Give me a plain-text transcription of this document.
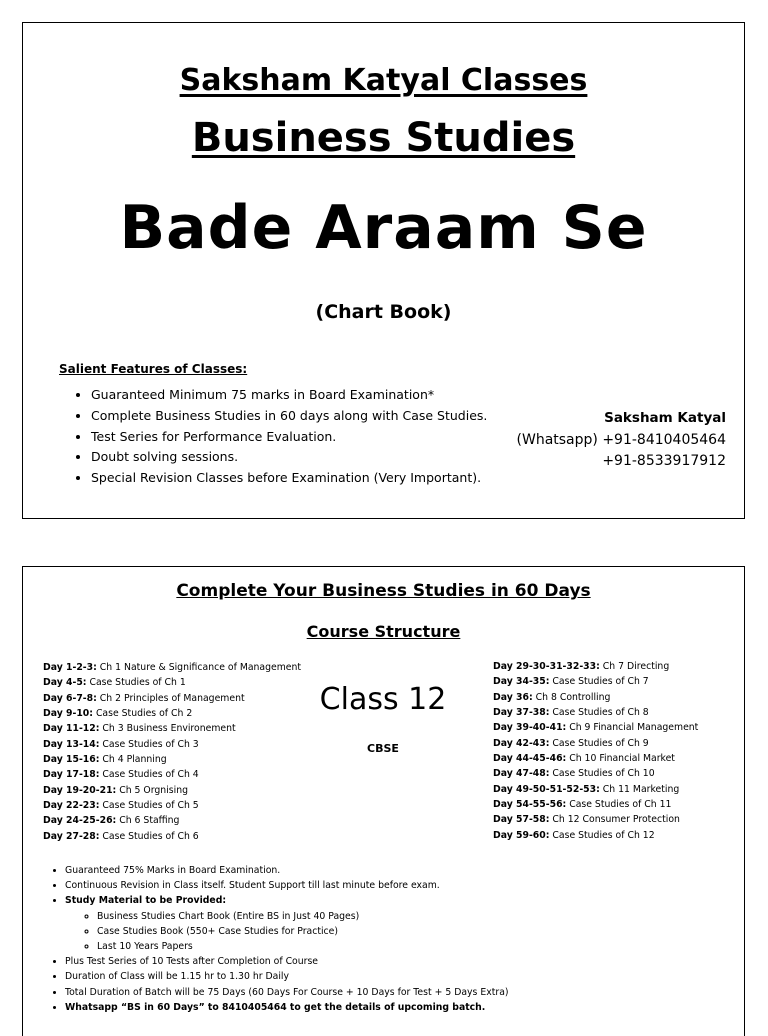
Saksham Katyal Classes
Business Studies
Bade Araam Se
(Chart Book)
Salient Features of Classes:
• Guaranteed Minimum 75 marks in Board Examination*
• Complete Business Studies in 60 days along with Case Studies.
• Test Series for Performance Evaluation.
• Doubt solving sessions.
• Special Revision Classes before Examination (Very Important).
Saksham Katyal
(Whatsapp) +91-8410405464
+91-8533917912
Complete Your Business Studies in 60 Days
Course Structure
Day 1-2-3: Ch 1 Nature & Significance of Management
Day 4-5: Case Studies of Ch 1
Day 6-7-8: Ch 2 Principles of Management
Day 9-10: Case Studies of Ch 2
Day 11-12: Ch 3 Business Environement
Day 13-14: Case Studies of Ch 3
Day 15-16: Ch 4 Planning
Day 17-18: Case Studies of Ch 4
Day 19-20-21: Ch 5 Orgnising
Day 22-23: Case Studies of Ch 5
Day 24-25-26: Ch 6 Staffing
Day 27-28: Case Studies of Ch 6
Class 12
CBSE
Day 29-30-31-32-33: Ch 7 Directing
Day 34-35: Case Studies of Ch 7
Day 36: Ch 8 Controlling
Day 37-38: Case Studies of Ch 8
Day 39-40-41: Ch 9 Financial Management
Day 42-43: Case Studies of Ch 9
Day 44-45-46: Ch 10 Financial Market
Day 47-48: Case Studies of Ch 10
Day 49-50-51-52-53: Ch 11 Marketing
Day 54-55-56: Case Studies of Ch 11
Day 57-58: Ch 12 Consumer Protection
Day 59-60: Case Studies of Ch 12
• Guaranteed 75% Marks in Board Examination.
• Continuous Revision in Class itself. Student Support till last minute before exam.
• Study Material to be Provided:
◦ Business Studies Chart Book (Entire BS in Just 40 Pages)
◦ Case Studies Book (550+ Case Studies for Practice)
◦ Last 10 Years Papers
• Plus Test Series of 10 Tests after Completion of Course
• Duration of Class will be 1.15 hr to 1.30 hr Daily
• Total Duration of Batch will be 75 Days (60 Days For Course + 10 Days for Test + 5 Days Extra)
• Whatsapp “BS in 60 Days” to 8410405464 to get the details of upcoming batch.
